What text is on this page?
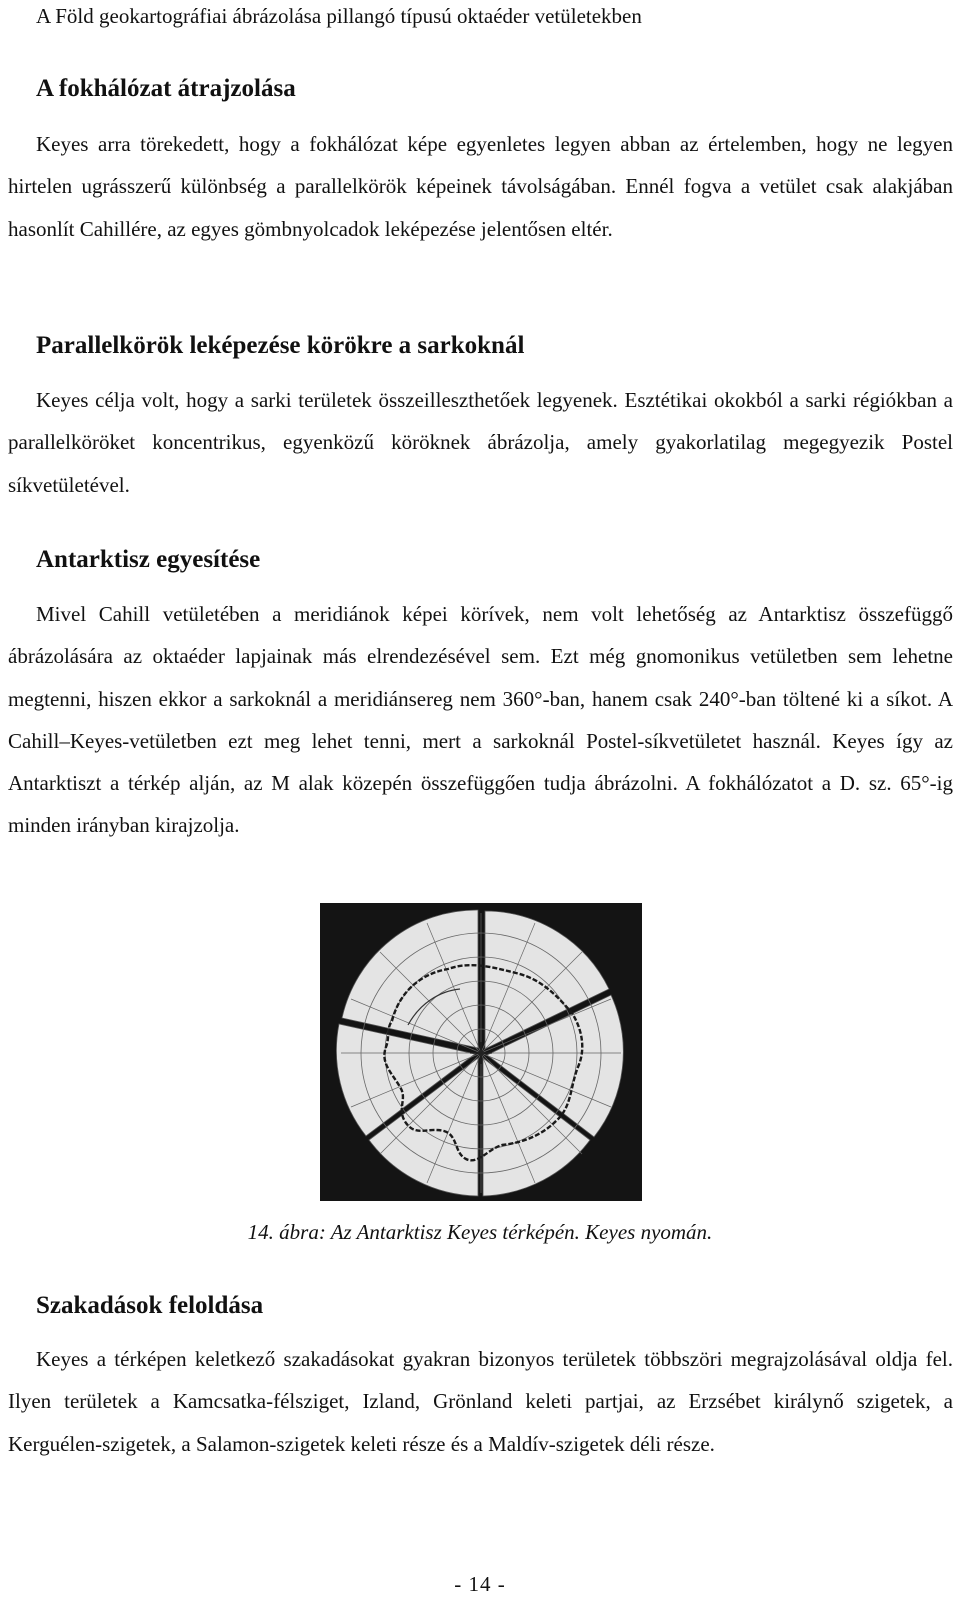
A Föld geokartográfiai ábrázolása pillangó típusú oktaéder vetületekben
A fokhálózat átrajzolása

Keyes arra törekedett, hogy a fokhálózat képe egyenletes legyen abban az értelemben, hogy ne legyen hirtelen ugrásszerű különbség a parallelkörök képeinek távolságában. Ennél fogva a vetület csak alakjában hasonlít Cahillére, az egyes gömbnyolcadok leképezése jelentősen eltér.

Parallelkörök leképezése körökre a sarkoknál

Keyes célja volt, hogy a sarki területek összeilleszthetőek legyenek. Esztétikai okokból a sarki régiókban a parallelköröket koncentrikus, egyenközű köröknek ábrázolja, amely gyakorlatilag megegyezik Postel síkvetületével.

Antarktisz egyesítése

Mivel Cahill vetületében a meridiánok képei körívek, nem volt lehetőség az Antarktisz összefüggő ábrázolására az oktaéder lapjainak más elrendezésével sem. Ezt még gnomonikus vetületben sem lehetne megtenni, hiszen ekkor a sarkoknál a meridiánsereg nem 360°-ban, hanem csak 240°-ban töltené ki a síkot. A Cahill–Keyes-vetületben ezt meg lehet tenni, mert a sarkoknál Postel-síkvetületet használ. Keyes így az Antarktiszt a térkép alján, az M alak közepén összefüggően tudja ábrázolni. A fokhálózatot a D. sz. 65°-ig minden irányban kirajzolja.

14. ábra: Az Antarktisz Keyes térképén. Keyes nyomán.
Szakadások feloldása

Keyes a térképen keletkező szakadásokat gyakran bizonyos területek többszöri megrajzolásával oldja fel. Ilyen területek a Kamcsatka-félsziget, Izland, Grönland keleti partjai, az Erzsébet királynő szigetek, a Kerguélen-szigetek, a Salamon-szigetek keleti része és a Maldív-szigetek déli része.

- 14 -
